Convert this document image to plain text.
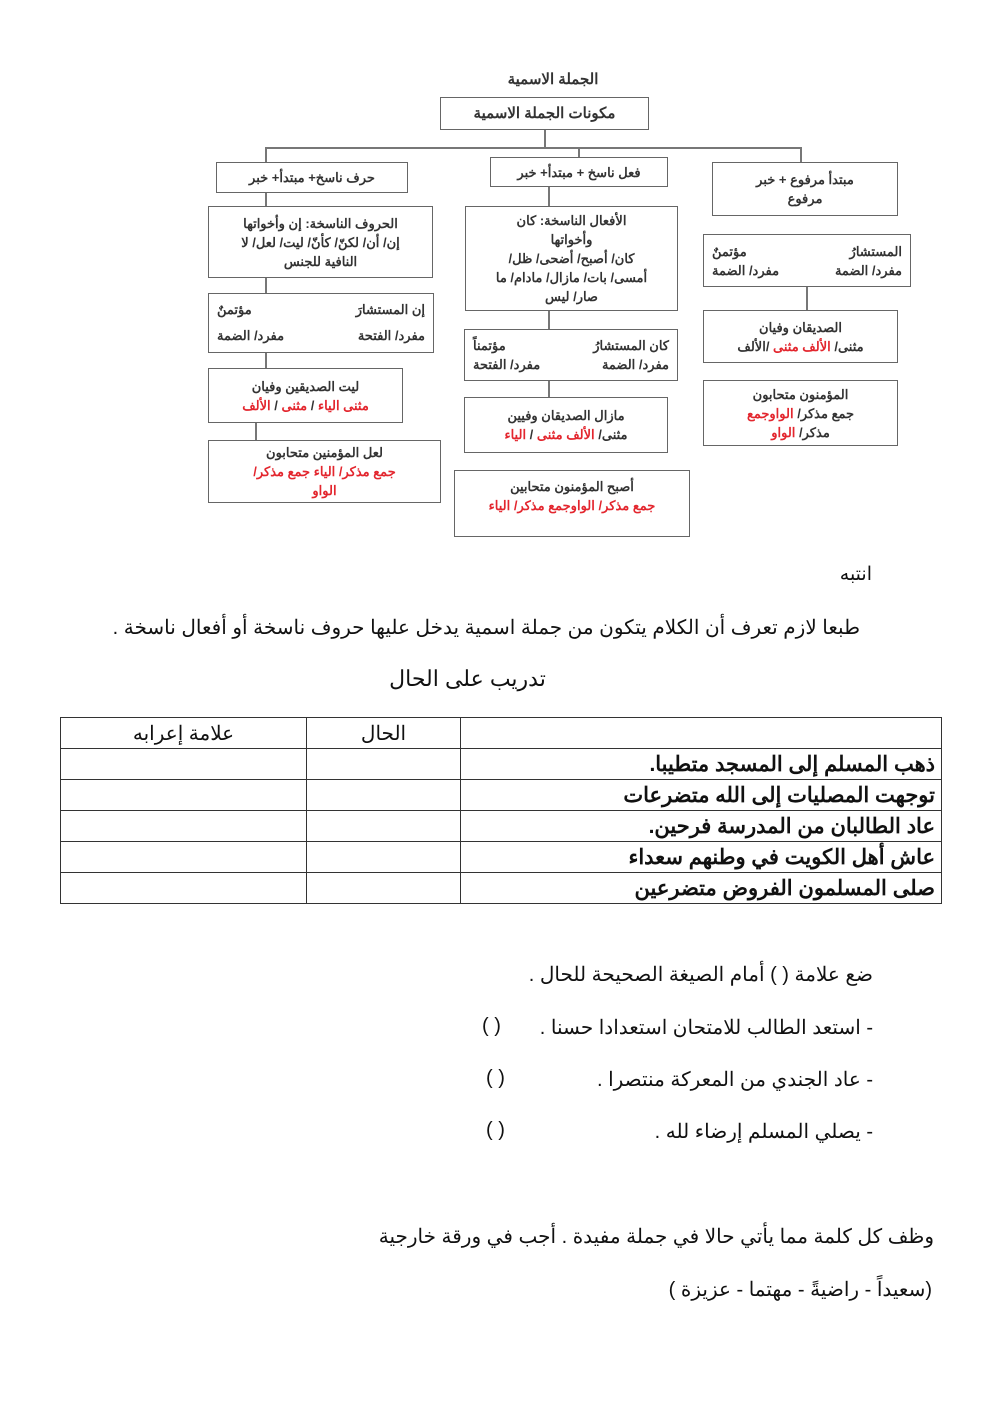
الجملة الاسمية
مكونات الجملة الاسمية
حرف ناسخ+ مبتدأ+ خبر
الحروف الناسخة: إن وأخواتها
إن/ أن/ لكنّ/ كأنّ/ ليت/ لعل/ لا
النافية للجنس
إن المستشارَ
مؤتمنٌ
مفرد/ الفتحة
مفرد/ الضمة
ليت الصديقين وفيان
مثنى الياء / مثنى / الألف
لعل المؤمنين متحابون
جمع مذكر/ الياء جمع مذكر/
الواو
فعل ناسخ + مبتدأ+ خبر
الأفعال الناسخة: كان
وأخواتها
كان/ أصبح/ أضحى/ ظل/
أمسى/ بات/ مازال/ مادام/ ما
صار/ ليس
كان المستشارُ
مؤتمناً
مفرد/ الضمة
مفرد/ الفتحة
مازال الصديقان وفيين
مثنى/ الألف مثنى / الياء
أصبح المؤمنون متحابين
جمع مذكر/ الواوجمع مذكر/ الياء
مبتدأ مرفوع + خبر
مرفوع
المستشارُ
مؤتمنٌ
مفرد/ الضمة
مفرد/ الضمة
الصديقان وفيان
مثنى/ الألف مثنى /الألف
المؤمنون متحابون
جمع مذكر/ الواوجمع
مذكر/ الواو
انتبه
طبعا لازم تعرف أن الكلام يتكون من جملة اسمية يدخل عليها حروف ناسخة أو أفعال ناسخة .
تدريب على الحال
	الحال	علامة إعرابه
ذهب المسلم إلى المسجد متطيبا.		
توجهت المصليات إلى الله متضرعات		
عاد الطالبان من المدرسة فرحين.		
عاش أهل الكويت في وطنهم سعداء		
صلى المسلمون الفروض متضرعين		
ضع علامة ( ) أمام الصيغة الصحيحة للحال .
- استعد الطالب للامتحان استعدادا حسنا .
( )
- عاد الجندي من المعركة منتصرا .
( )
- يصلي المسلم إرضاء لله .
( )
وظف كل كلمة مما يأتي حالا في جملة مفيدة . أجب في ورقة خارجية
(سعيداً - راضيةً - مهتما - عزيزة )
